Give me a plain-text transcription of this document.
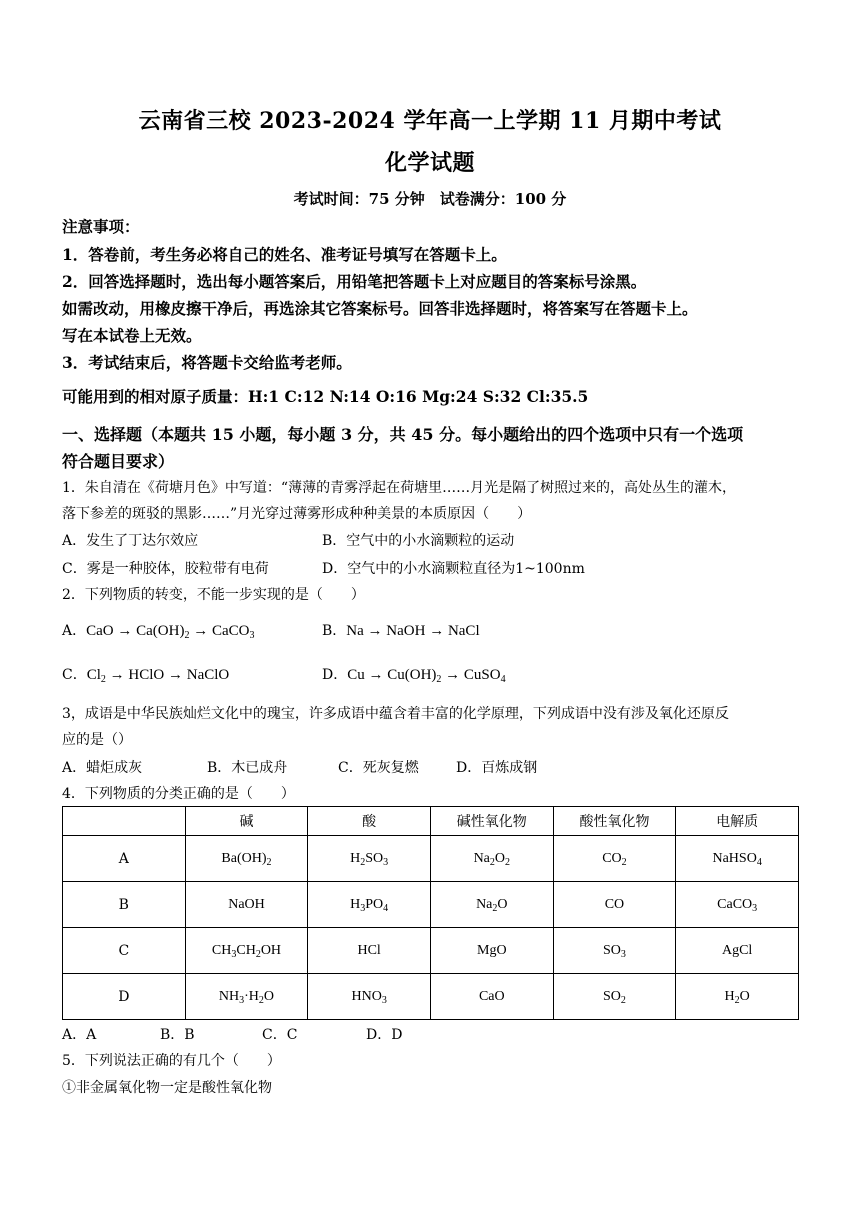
云南省三校 2023-2024 学年高一上学期 11 月期中考试
化学试题
考试时间：75 分钟　试卷满分：100 分
注意事项：
1．答卷前，考生务必将自己的姓名、准考证号填写在答题卡上。
2．回答选择题时，选出每小题答案后，用铅笔把答题卡上对应题目的答案标号涂黑。
如需改动，用橡皮擦干净后，再选涂其它答案标号。回答非选择题时，将答案写在答题卡上。
写在本试卷上无效。
3．考试结束后，将答题卡交给监考老师。
可能用到的相对原子质量：H:1 C:12 N:14 O:16 Mg:24 S:32 Cl:35.5
一、选择题（本题共 15 小题，每小题 3 分，共 45 分。每小题给出的四个选项中只有一个选项
符合题目要求）
1．朱自清在《荷塘月色》中写道：“薄薄的青雾浮起在荷塘里……月光是隔了树照过来的，高处丛生的灌木，
落下参差的斑驳的黑影……”月光穿过薄雾形成种种美景的本质原因（　　）
A．发生了丁达尔效应	B．空气中的小水滴颗粒的运动
C．雾是一种胶体，胶粒带有电荷	D．空气中的小水滴颗粒直径为1~100nm
2．下列物质的转变，不能一步实现的是（　　）
A．CaO → $Ca(OH)_2$ → CaCO$_3$	B．Na → NaOH → NaCl
C．$Cl_2$ → HClO → NaClO	D．$Cu \to Cu(OH)_2$ → CuSO$_4$
3，成语是中华民族灿烂文化中的瑰宝，许多成语中蕴含着丰富的化学原理，下列成语中没有涉及氧化还原反
应的是（）
A．蜡炬成灰	B．木已成舟	C．死灰复燃	D．百炼成钢
4．下列物质的分类正确的是（　　）
	碱	酸	碱性氧化物	酸性氧化物	电解质
A	$Ba(OH)_2$	$H_2SO_3$	$Na_2O_2$	$CO_2$	NaHSO$_4$
B	NaOH	$H_3PO_4$	$Na_2O$	CO	CaCO$_3$
C	$CH_3CH_2OH$	HCl	MgO	$SO_3$	AgCl
D	$NH_3\cdot H_2O$	$HNO_3$	CaO	$SO_2$	$H_2O$
A．A	B．B	C．C	D．D
5．下列说法正确的有几个（　　）
①非金属氧化物一定是酸性氧化物
